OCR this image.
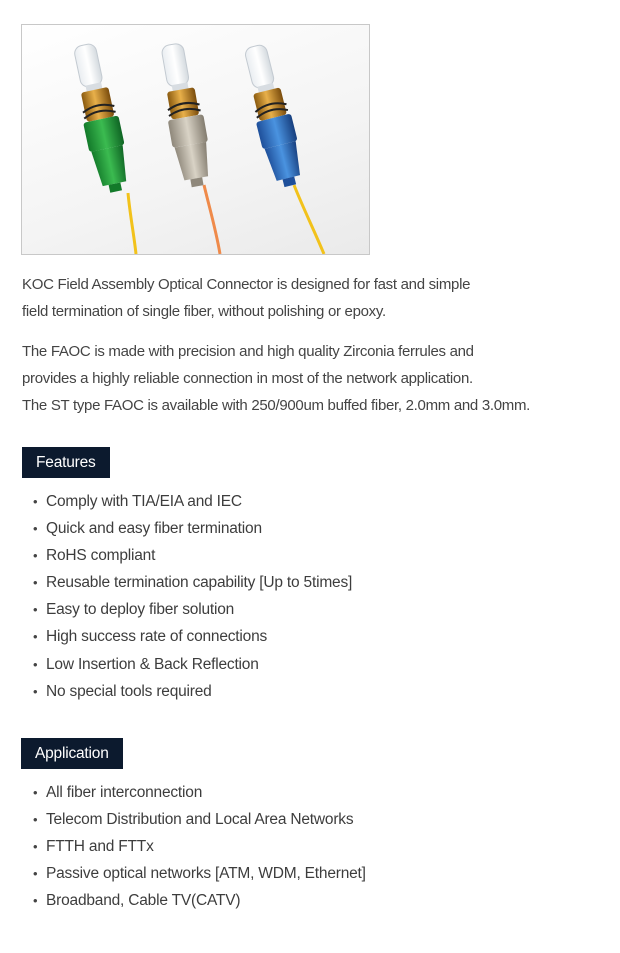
KOC Field Assembly Optical Connector is designed for fast and simple
field termination of single fiber, without polishing or epoxy.

The FAOC is made with precision and high quality Zirconia ferrules and
provides a highly reliable connection in most of the network application.
The ST type FAOC is available with 250/900um buffed fiber, 2.0mm and 3.0mm.

Features
• Comply with TIA/EIA and IEC
• Quick and easy fiber termination
• RoHS compliant
• Reusable termination capability [Up to 5times]
• Easy to deploy fiber solution
• High success rate of connections
• Low Insertion & Back Reflection
• No special tools required
Application
• All fiber interconnection
• Telecom Distribution and Local Area Networks
• FTTH and FTTx
• Passive optical networks [ATM, WDM, Ethernet]
• Broadband, Cable TV(CATV)
